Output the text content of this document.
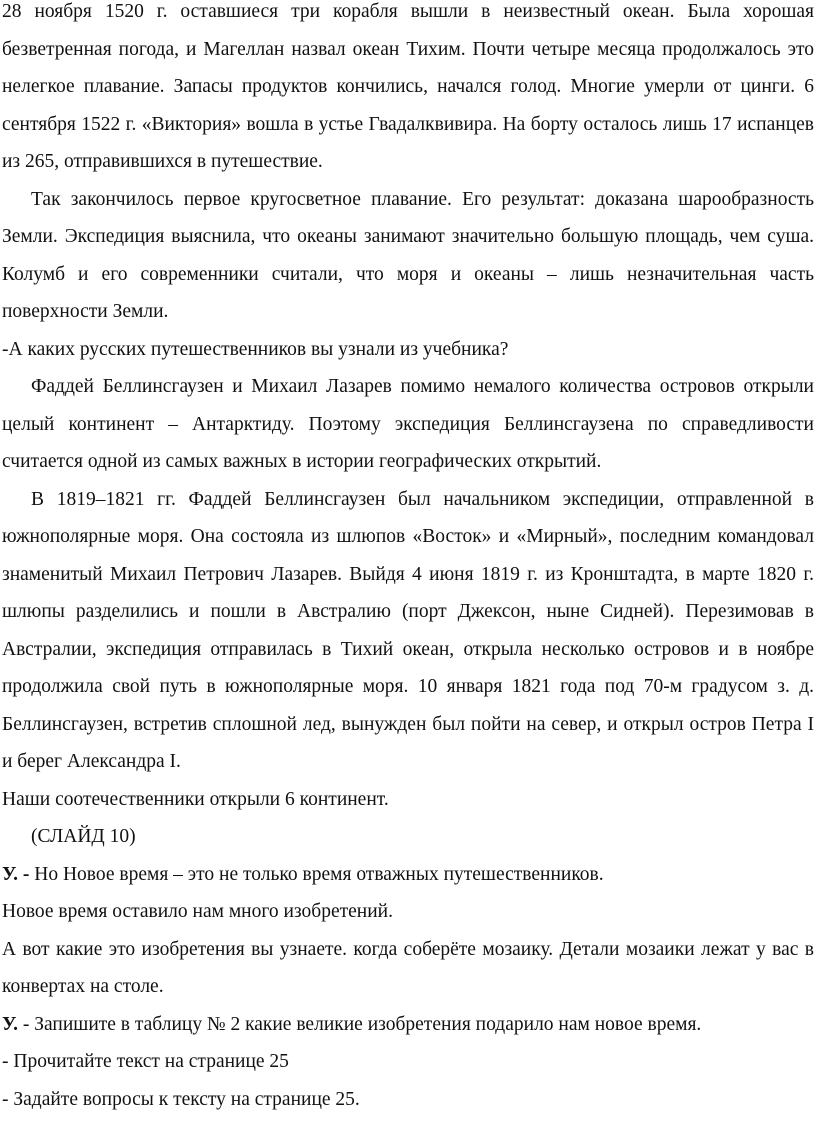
28 ноября 1520 г. оставшиеся три корабля вышли в неизвестный океан. Была хорошая безветренная погода, и Магеллан назвал океан Тихим. Почти четыре месяца продолжалось это нелегкое плавание. Запасы продуктов кончились, начался голод. Многие умерли от цинги. 6 сентября 1522 г. «Виктория» вошла в устье Гвадалквивира. На борту осталось лишь 17 испанцев из 265, отправившихся в путешествие.

Так закончилось первое кругосветное плавание. Его результат: доказана шарообразность Земли. Экспедиция выяснила, что океаны занимают значительно большую площадь, чем суша. Колумб и его современники считали, что моря и океаны – лишь незначительная часть поверхности Земли.

-А каких русских путешественников вы узнали из учебника?

Фаддей Беллинсгаузен и Михаил Лазарев помимо немалого количества островов открыли целый континент – Антарктиду. Поэтому экспедиция Беллинсгаузена по справедливости считается одной из самых важных в истории географических открытий.

В 1819–1821 гг. Фаддей Беллинсгаузен был начальником экспедиции, отправленной в южнополярные моря. Она состояла из шлюпов «Восток» и «Мирный», последним командовал знаменитый Михаил Петрович Лазарев. Выйдя 4 июня 1819 г. из Кронштадта, в марте 1820 г. шлюпы разделились и пошли в Австралию (порт Джексон, ныне Сидней). Перезимовав в Австралии, экспедиция отправилась в Тихий океан, открыла несколько островов и в ноябре продолжила свой путь в южнополярные моря. 10 января 1821 года под 70-м градусом з. д. Беллинсгаузен, встретив сплошной лед, вынужден был пойти на север, и открыл остров Петра I и берег Александра I.

Наши соотечественники открыли 6 континент.

(СЛАЙД 10)

У. - Но Новое время – это не только время отважных путешественников.

Новое время оставило нам много изобретений.

А вот какие это изобретения вы узнаете. когда соберёте мозаику. Детали мозаики лежат у вас в конвертах на столе.

У. - Запишите в таблицу № 2 какие великие изобретения подарило нам новое время.

- Прочитайте текст на странице 25

- Задайте вопросы к тексту на странице 25.
